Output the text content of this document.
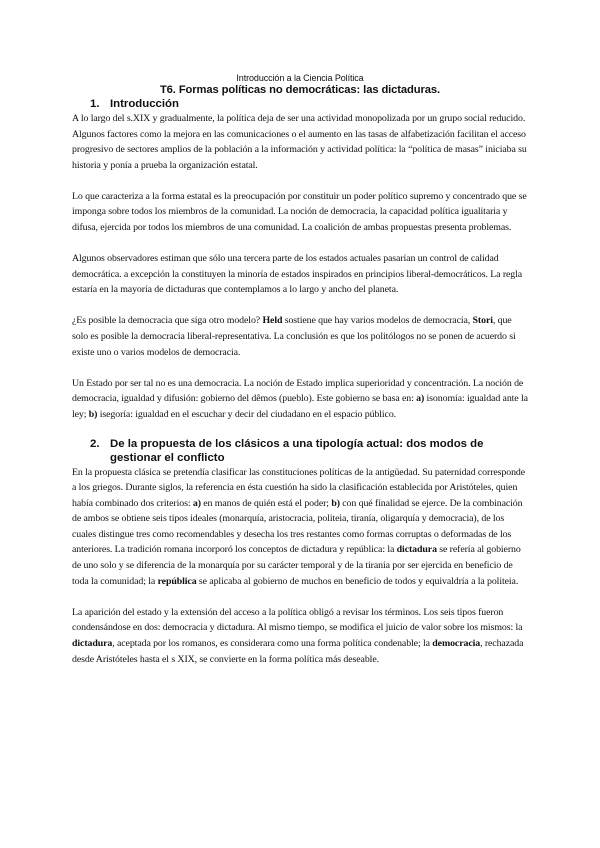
Introducción a la Ciencia Política

T6. Formas políticas no democráticas: las dictaduras.

1. Introducción

A lo largo del s.XIX y gradualmente, la política deja de ser una actividad monopolizada por un grupo social reducido. Algunos factores como la mejora en las comunicaciones o el aumento en las tasas de alfabetización facilitan el acceso progresivo de sectores amplios de la población a la información y actividad política: la “política de masas” iniciaba su historia y ponía a prueba la organización estatal.

Lo que caracteriza a la forma estatal es la preocupación por constituir un poder político supremo y concentrado que se imponga sobre todos los miembros de la comunidad. La noción de democracia, la capacidad política igualitaria y difusa, ejercida por todos los miembros de una comunidad. La coalición de ambas propuestas presenta problemas.

Algunos observadores estiman que sólo una tercera parte de los estados actuales pasarían un control de calidad democrática. a excepción la constituyen la minoría de estados inspirados en principios liberal-democráticos. La regla estaría en la mayoría de dictaduras que contemplamos a lo largo y ancho del planeta.

¿Es posible la democracia que siga otro modelo? Held sostiene que hay varios modelos de democracia, Stori, que solo es posible la democracia liberal-representativa. La conclusión es que los politólogos no se ponen de acuerdo si existe uno o varios modelos de democracia.

Un Estado por ser tal no es una democracia. La noción de Estado implica superioridad y concentración. La noción de democracia, igualdad y difusión: gobierno del dêmos (pueblo). Este gobierno se basa en: a) isonomía: igualdad ante la ley; b) isegoría: igualdad en el escuchar y decir del ciudadano en el espacio público.

2. De la propuesta de los clásicos a una tipología actual: dos modos de gestionar el conflicto

En la propuesta clásica se pretendía clasificar las constituciones políticas de la antigüedad. Su paternidad corresponde a los griegos. Durante siglos, la referencia en ésta cuestión ha sido la clasificación establecida por Aristóteles, quien había combinado dos criterios: a) en manos de quién está el poder; b) con qué finalidad se ejerce. De la combinación de ambos se obtiene seis tipos ideales (monarquía, aristocracia, politeia, tiranía, oligarquía y democracia), de los cuales distingue tres como recomendables y desecha los tres restantes como formas corruptas o deformadas de los anteriores. La tradición romana incorporó los conceptos de dictadura y república: la dictadura se refería al gobierno de uno solo y se diferencia de la monarquía por su carácter temporal y de la tiranía por ser ejercida en beneficio de toda la comunidad; la república se aplicaba al gobierno de muchos en beneficio de todos y equivaldría a la politeia.

La aparición del estado y la extensión del acceso a la política obligó a revisar los términos. Los seis tipos fueron condensándose en dos: democracia y dictadura. Al mismo tiempo, se modifica el juicio de valor sobre los mismos: la dictadura, aceptada por los romanos, es considerara como una forma política condenable; la democracia, rechazada desde Aristóteles hasta el s XIX, se convierte en la forma política más deseable.
